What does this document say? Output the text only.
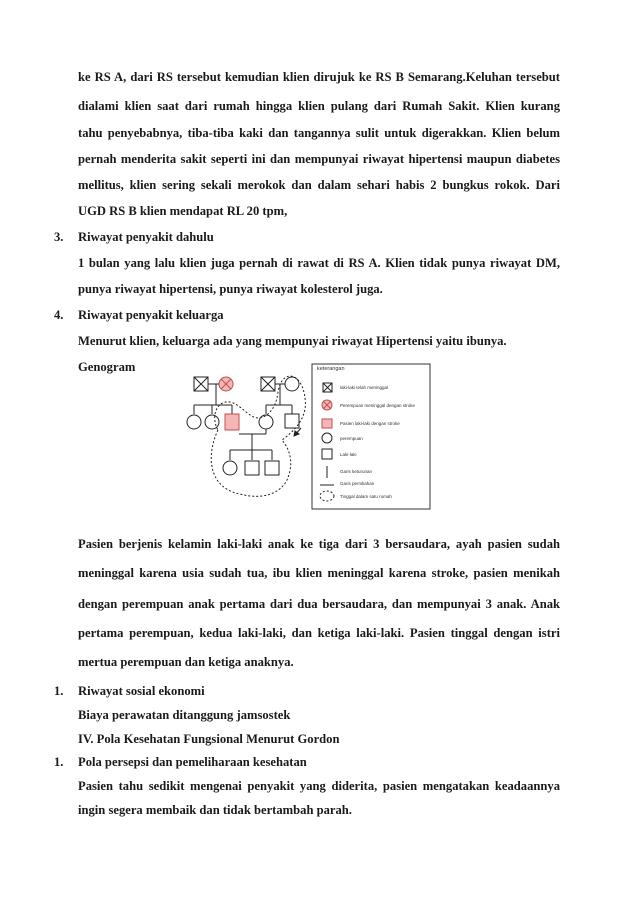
ke RS A, dari RS tersebut kemudian klien dirujuk ke RS B Semarang.Keluhan tersebut
dialami klien saat dari rumah hingga klien pulang dari Rumah Sakit. Klien kurang
tahu penyebabnya, tiba-tiba kaki dan tangannya sulit untuk digerakkan. Klien belum
pernah menderita sakit seperti ini dan mempunyai riwayat hipertensi maupun diabetes
mellitus, klien sering sekali merokok dan dalam sehari habis 2 bungkus rokok. Dari
UGD RS B klien mendapat RL 20 tpm,
3. Riwayat penyakit dahulu
1 bulan yang lalu klien juga pernah di rawat di RS A. Klien tidak punya riwayat DM,
punya riwayat hipertensi, punya riwayat kolesterol juga.
4. Riwayat penyakit keluarga
Menurut klien, keluarga ada yang mempunyai riwayat Hipertensi yaitu ibunya.
Genogram	keterangan
laki-laki telah meninggal
Perempuan meninggal dengan stroke
Pasien laki-laki dengan stroke
perempuan
Laki-laki
Garis keturunan
Garis pernikahan
Tinggal dalam satu rumah
Pasien berjenis kelamin laki-laki anak ke tiga dari 3 bersaudara, ayah pasien sudah
meninggal karena usia sudah tua, ibu klien meninggal karena stroke, pasien menikah
dengan perempuan anak pertama dari dua bersaudara, dan mempunyai 3 anak. Anak
pertama perempuan, kedua laki-laki, dan ketiga laki-laki. Pasien tinggal dengan istri
mertua perempuan dan ketiga anaknya.
1. Riwayat sosial ekonomi
Biaya perawatan ditanggung jamsostek
IV. Pola Kesehatan Fungsional Menurut Gordon
1. Pola persepsi dan pemeliharaan kesehatan
Pasien tahu sedikit mengenai penyakit yang diderita, pasien mengatakan keadaannya
ingin segera membaik dan tidak bertambah parah.
